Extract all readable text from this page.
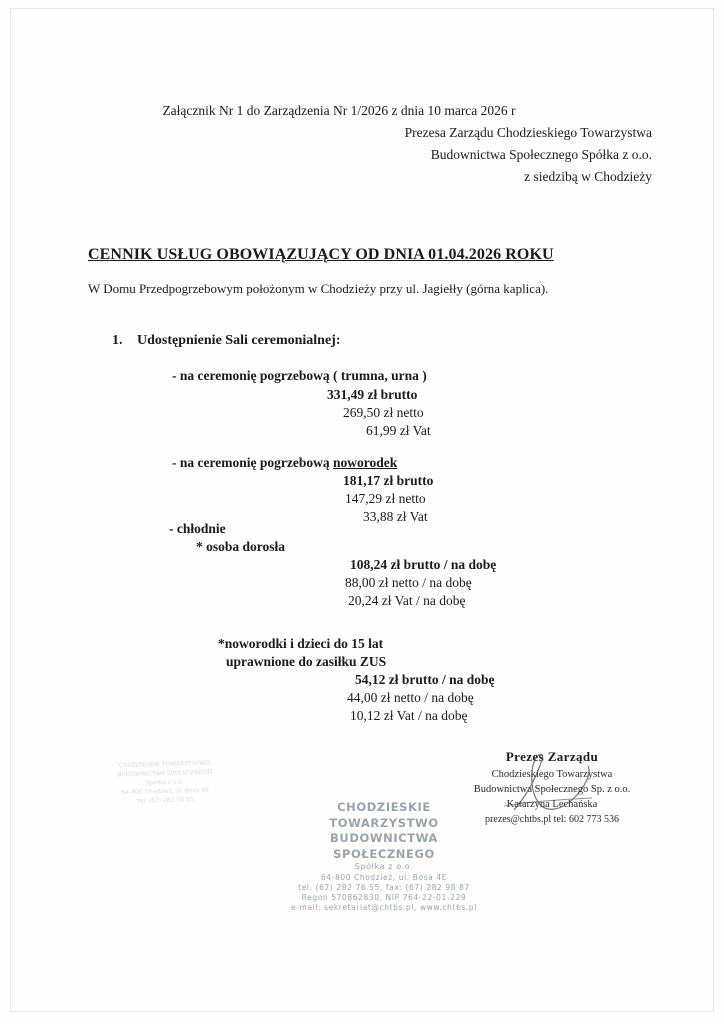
Załącznik Nr 1 do Zarządzenia Nr 1/2026 z dnia 10 marca 2026 r
Prezesa Zarządu Chodzieskiego Towarzystwa
Budownictwa Społecznego Spółka z o.o.
z siedzibą w Chodzieży
CENNIK USŁUG OBOWIĄZUJĄCY OD DNIA 01.04.2026 ROKU
W Domu Przedpogrzebowym położonym w Chodzieży przy ul. Jagiełły (górna kaplica).
1. Udostępnienie Sali ceremonialnej:
- na ceremonię pogrzebową ( trumna, urna )
331,49 zł brutto
269,50 zł netto
61,99 zł Vat
- na ceremonię pogrzebową noworodek
181,17 zł brutto
147,29 zł netto
33,88 zł Vat
- chłodnie
* osoba dorosła
108,24 zł brutto / na dobę
88,00 zł netto / na dobę
20,24 zł Vat / na dobę
*noworodki i dzieci do 15 lat
uprawnione do zasiłku ZUS
54,12 zł brutto / na dobę
44,00 zł netto / na dobę
10,12 zł Vat / na dobę
Prezes Zarządu
Chodzieskiego Towarzystwa
Budownictwa Społecznego Sp. z o.o.
Katarzyna Lechańska
prezes@chtbs.pl tel: 602 773 536
CHODZIESKIE TOWARZYSTWO
BUDOWNICTWA SPOŁECZNEGO
Spółka z o.o.
64-800 Chodzież, ul. Bosa 4E
tel. (67) 282 76 55, fax: (67) 282 98 87
Regon 570862830, NIP 764-22-01-229
e-mail: sekretariat@chtbs.pl, www.chtbs.pl
CHODZIESKIE TOWARZYSTWO
BUDOWNICTWA SPOŁECZNEGO
Spółka z o.o.
64-800 Chodzież, ul. Bosa 4E
tel. (67) 282 76 55
